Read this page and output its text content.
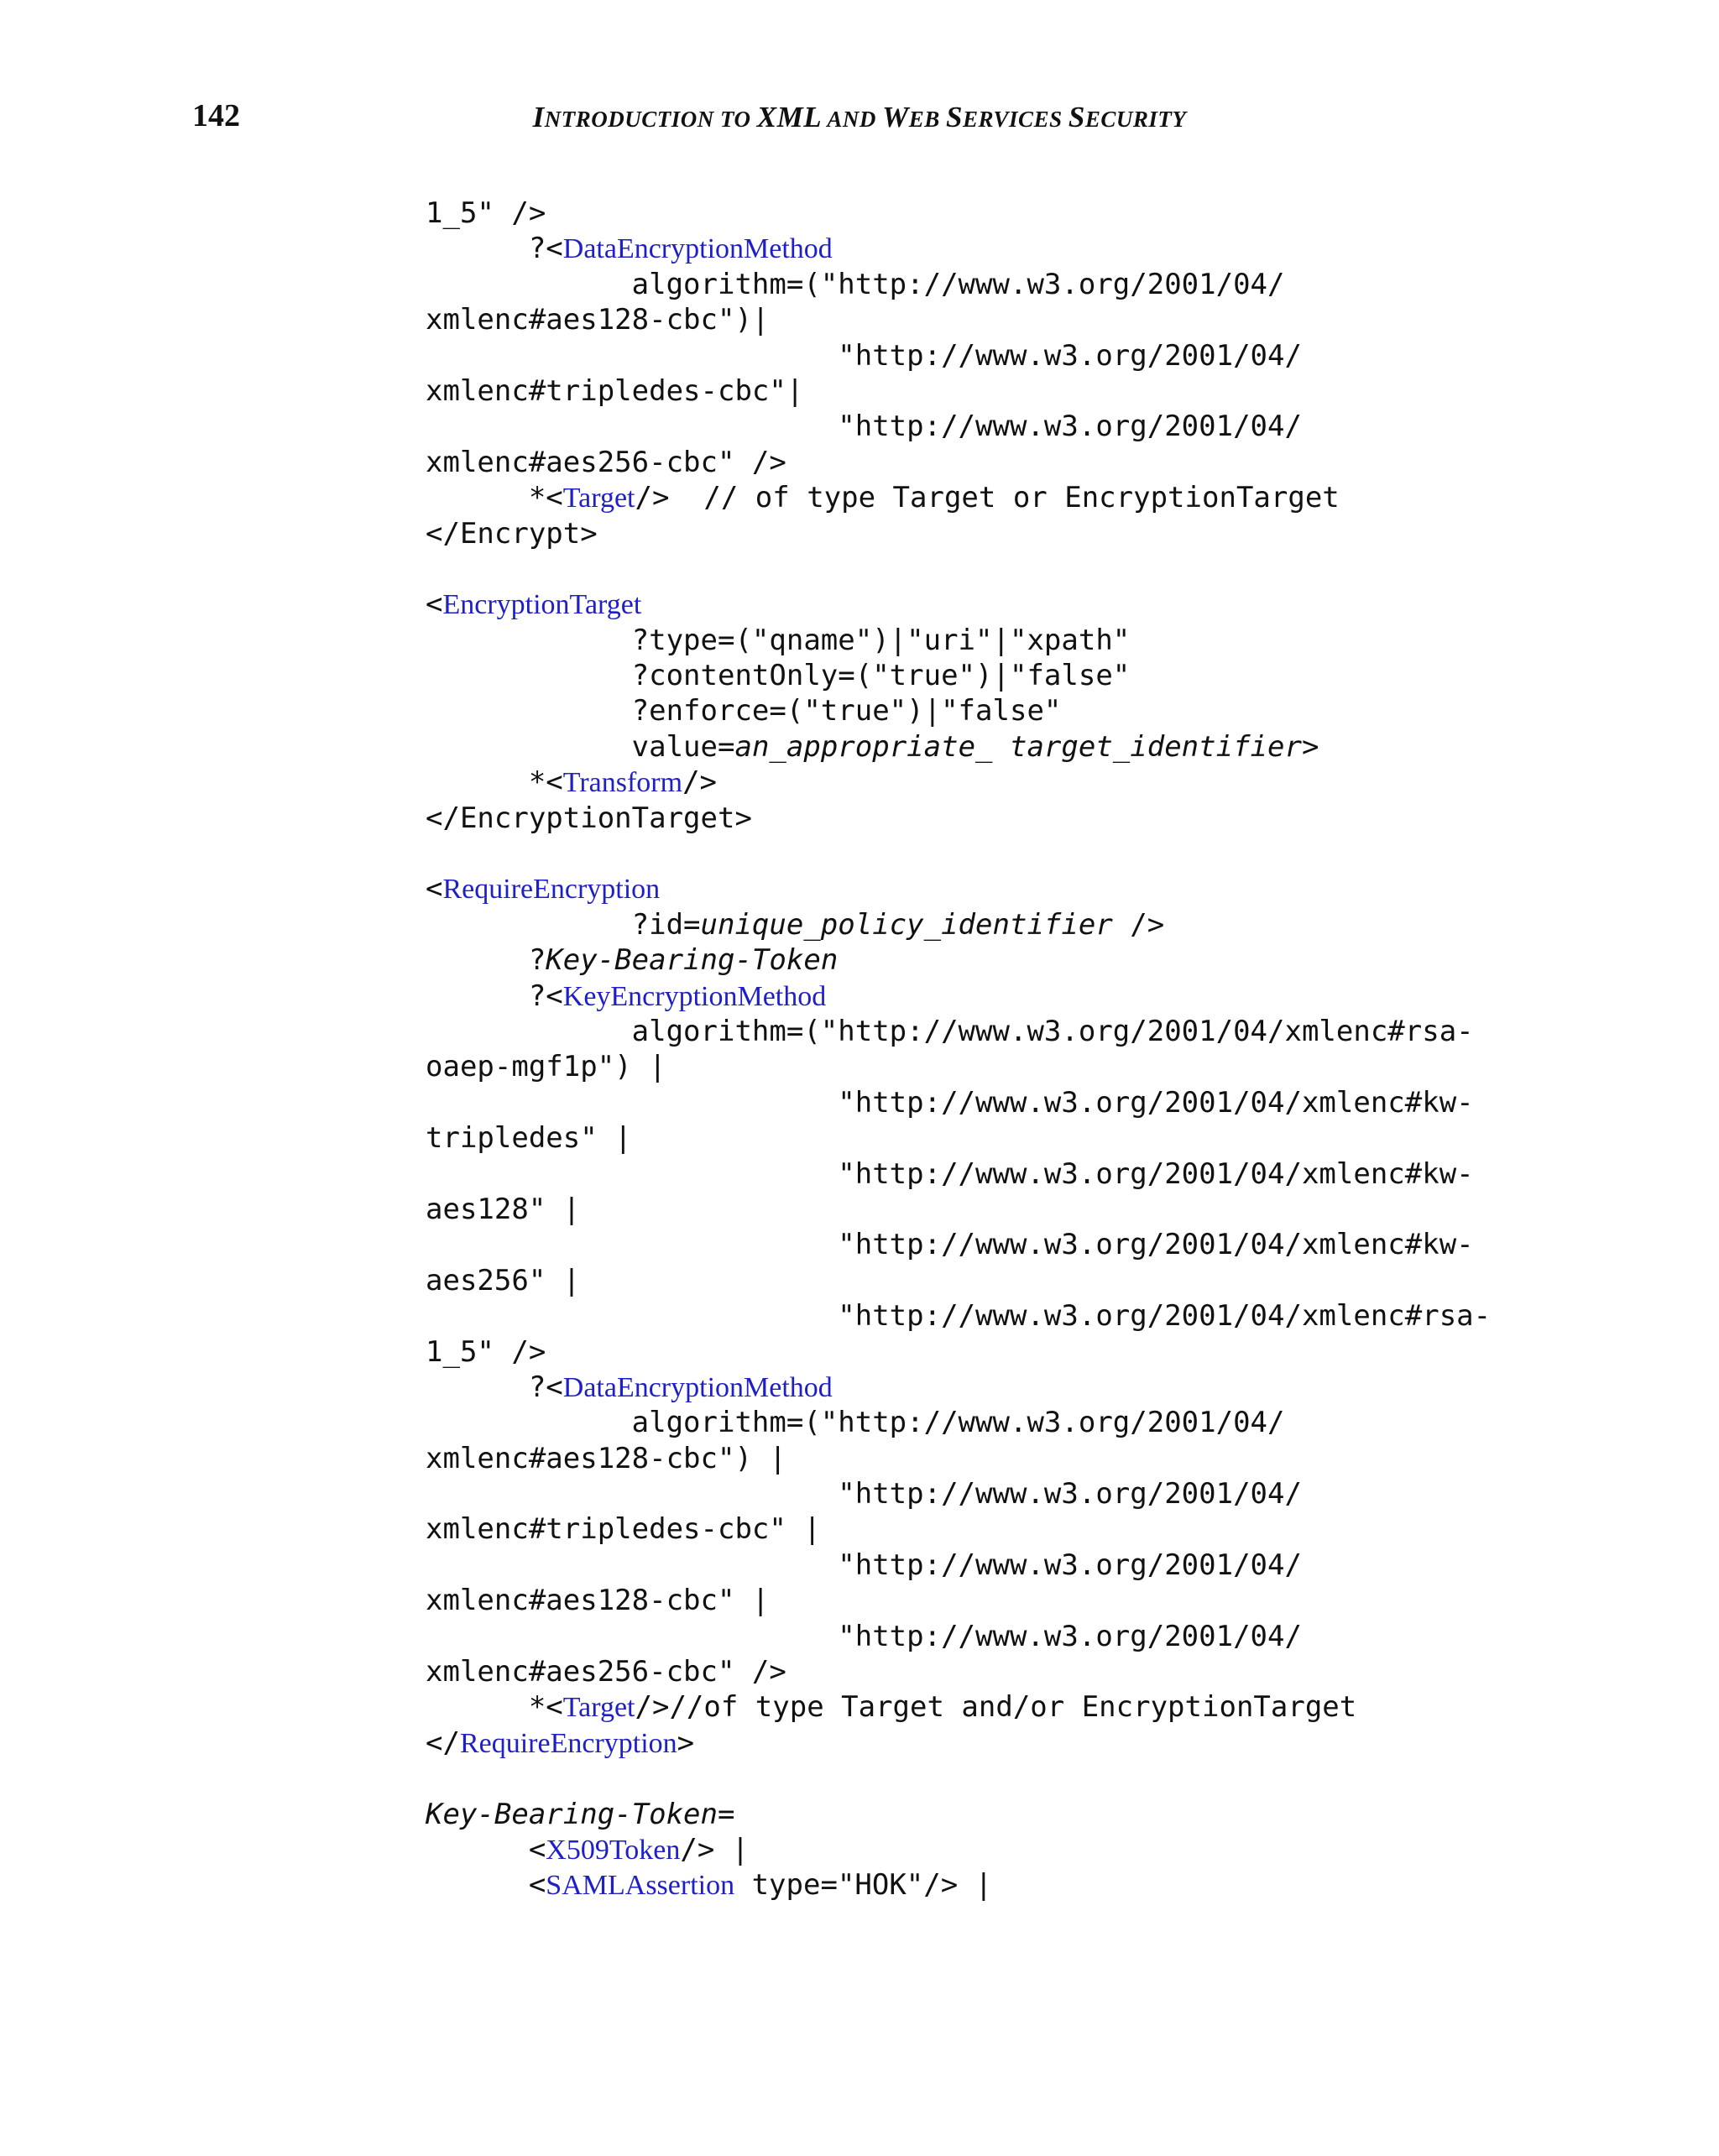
142	INTRODUCTION TO XML AND WEB SERVICES SECURITY
1_5" />
?<DataEncryptionMethod
algorithm=("http://www.w3.org/2001/04/
xmlenc#aes128-cbc")|
"http://www.w3.org/2001/04/
xmlenc#tripledes-cbc"|
"http://www.w3.org/2001/04/
xmlenc#aes256-cbc" />
*<Target/>  // of type Target or EncryptionTarget
</Encrypt>
<EncryptionTarget
?type=("qname")|"uri"|"xpath"
?contentOnly=("true")|"false"
?enforce=("true")|"false"
value=an_appropriate_ target_identifier>
*<Transform/>
</EncryptionTarget>
<RequireEncryption
?id=unique_policy_identifier />
?Key-Bearing-Token
?<KeyEncryptionMethod
algorithm=("http://www.w3.org/2001/04/xmlenc#rsa-
oaep-mgf1p") |
"http://www.w3.org/2001/04/xmlenc#kw-
tripledes" |
"http://www.w3.org/2001/04/xmlenc#kw-
aes128" |
"http://www.w3.org/2001/04/xmlenc#kw-
aes256" |
"http://www.w3.org/2001/04/xmlenc#rsa-
1_5" />
?<DataEncryptionMethod
algorithm=("http://www.w3.org/2001/04/
xmlenc#aes128-cbc") |
"http://www.w3.org/2001/04/
xmlenc#tripledes-cbc" |
"http://www.w3.org/2001/04/
xmlenc#aes128-cbc" |
"http://www.w3.org/2001/04/
xmlenc#aes256-cbc" />
*<Target/>//of type Target and/or EncryptionTarget
</RequireEncryption>
Key-Bearing-Token=
<X509Token/> |
<SAMLAssertion type="HOK"/> |
